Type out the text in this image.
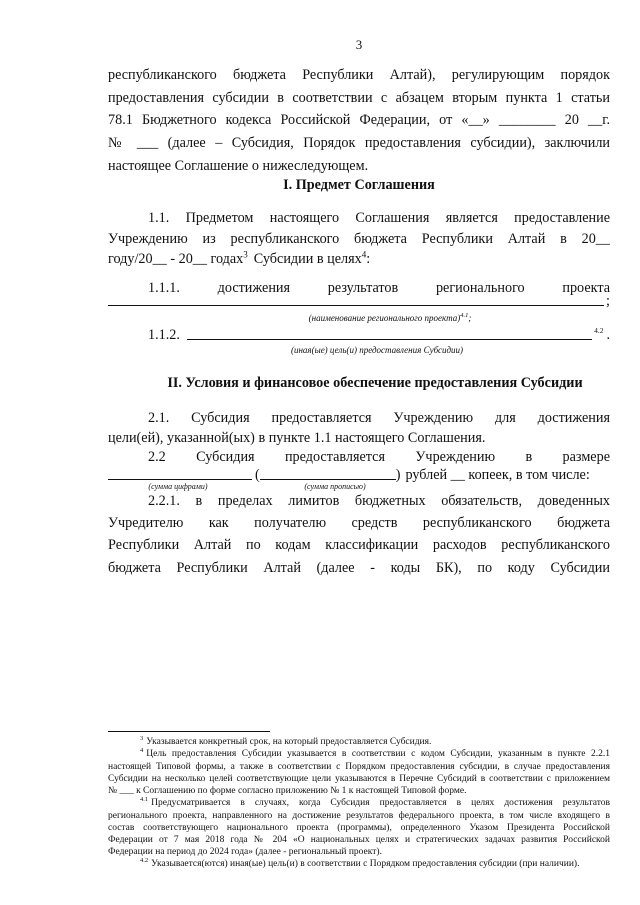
3
республиканского бюджета Республики Алтай), регулирующим порядок
предоставления субсидии в соответствии с абзацем вторым пункта 1 статьи
78.1 Бюджетного кодекса Российской Федерации, от «__» ________ 20 __г.
№ ___ (далее – Субсидия, Порядок предоставления субсидии), заключили
настоящее Соглашение о нижеследующем.
I. Предмет Соглашения
1.1. Предметом настоящего Соглашения является предоставление
Учреждению из республиканского бюджета Республики Алтай в 20__
году/20__ - 20__ годах$^3$ Субсидии в целях$^4$:
1.1.1. достижения результатов регионального проекта
;
(наименование регионального проекта)$^{4.1}$;
1.1.2.	4.2 .
(иная(ые) цель(и) предоставления Субсидии)
II. Условия и финансовое обеспечение предоставления Субсидии
2.1. Субсидия предоставляется Учреждению для достижения
цели(ей), указанной(ых) в пункте 1.1 настоящего Соглашения.
2.2 Субсидия предоставляется Учреждению в размере
(	) рублей __ копеек, в том числе:
(сумма цифрами)	(сумма прописью)
2.2.1. в пределах лимитов бюджетных обязательств, доведенных
Учредителю как получателю средств республиканского бюджета
Республики Алтай по кодам классификации расходов республиканского
бюджета Республики Алтай (далее - коды БК), по коду Субсидии
$^3$ Указывается конкретный срок, на который предоставляется Субсидия.
$^4$ Цель предоставления Субсидии указывается в соответствии с кодом Субсидии, указанным в пункте 2.2.1
настоящей Типовой формы, а также в соответствии с Порядком предоставления субсидии, в случае предоставления
Субсидии на несколько целей соответствующие цели указываются в Перечне Субсидий в соответствии с приложением
№ ___ к Соглашению по форме согласно приложению № 1 к настоящей Типовой форме.
$^{4.1}$ Предусматривается в случаях, когда Субсидия предоставляется в целях достижения результатов
регионального проекта, направленного на достижение результатов федерального проекта, в том числе входящего в
состав соответствующего национального проекта (программы), определенного Указом Президента Российской
Федерации от 7 мая 2018 года № 204 «О национальных целях и стратегических задачах развития Российской
Федерации на период до 2024 года» (далее - региональный проект).
$^{4.2}$ Указывается(ются) иная(ые) цель(и) в соответствии с Порядком предоставления субсидии (при наличии).
